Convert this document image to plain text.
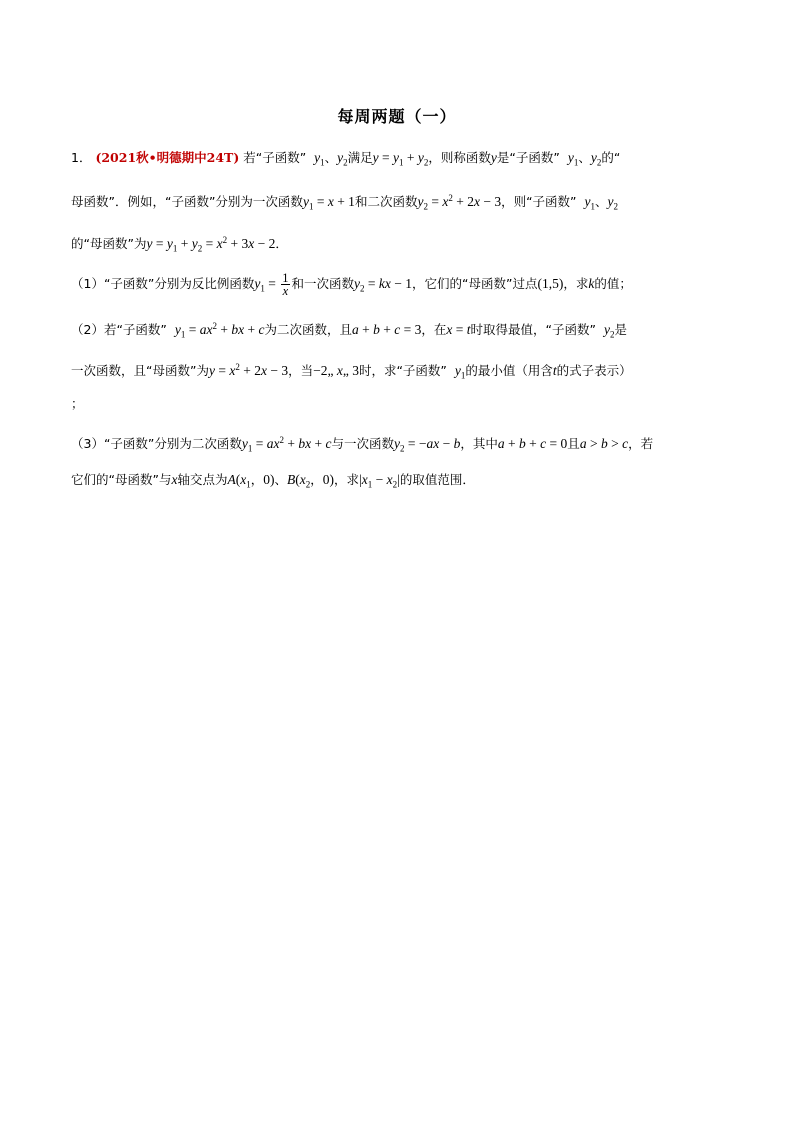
每周两题（一）
1． (2021秋•明德期中24T) 若“子函数”  $y_1$、$y_2$满足$y = y_1 + y_2$，则称函数y是“子函数”  $y_1$、$y_2$的“
母函数”．例如，“子函数”分别为一次函数$y_1 = x + 1$和二次函数$y_2 = x^2 + 2x - 3$，则“子函数”  $y_1$、$y_2$
的“母函数”为$y = y_1 + y_2 = x^2 + 3x - 2$．
（1）“子函数”分别为反比例函数$y_1 = \frac{1}{x}$ 和一次函数$y_2$ = kx − 1，它们的“母函数”过点(1,5)，求k的值；
（2）若“子函数”  $y_1 = ax^2$ + bx + c为二次函数，且a + b + c = 3，在x = t时取得最值，“子函数”  $y_2$是
一次函数，且“母函数”为$y = x^2 + 2x - 3$，当−2„ x„ 3时，求“子函数”  $y_1$的最小值（用含t的式子表示）
；
（3）“子函数”分别为二次函数$y_1 = ax^2$ + bx + c与一次函数$y_2 = -ax - b$，其中a + b + c = 0且a > b > c，若
它们的“母函数”与x轴交点为$A(x_1$，0)、$B(x_2$，0)，求$|x_1 - x_2|$的取值范围．
